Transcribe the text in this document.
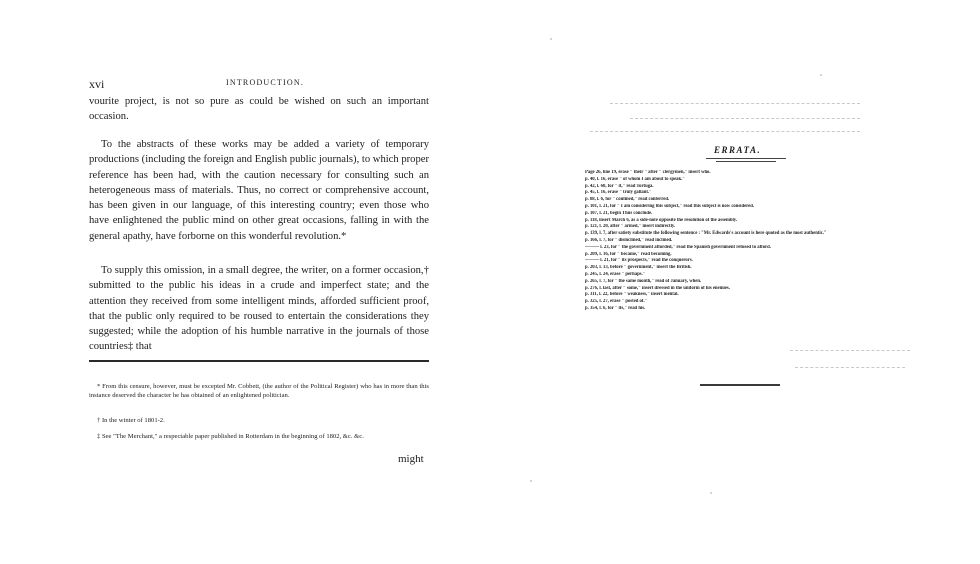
xvi	INTRODUCTION.
vourite project, is not so pure as could be wished on such an important occasion.
To the abstracts of these works may be added a variety of temporary productions (including the foreign and English public journals), to which proper reference has been had, with the caution necessary for consulting such an heterogeneous mass of materials. Thus, no correct or comprehensive account, has been given in our language, of this interesting country; even those who have enlightened the public mind on other great occasions, falling in with the general apathy, have forborne on this wonderful revolution.*
To supply this omission, in a small degree, the writer, on a former occasion,† submitted to the public his ideas in a crude and imperfect state; and the attention they received from some intelligent minds, afforded sufficient proof, that the public only required to be roused to entertain the considerations they suggested; while the adoption of his humble narrative in the journals of those countries‡ that
* From this censure, however, must be excepted Mr. Cobbett, (the author of the Political Register) who has in more than this instance deserved the character he has obtained of an enlightened politician.
† In the winter of 1801-2.
‡ See "The Merchant," a respectable paper published in Rotterdam in the beginning of 1802, &c. &c.
might
ERRATA.
Page 26, line 19, erase " their " after " clergymen," insert who.
p. 40, l. 16, erase " of whom I am about to speak."
p. 42, l. 60, for " it," read Tortuga.
p. 45, l. 16, erase " truly gallant."
p. 88, l. 6, for " confined," read conferred.
p. 101, l. 21, for " I am considering this subject," read this subject is now considered.
p. 107, l. 21, begin Thus conclude.
p. 118, insert March 6, as a side-note opposite the resolution of the assembly.
p. 121, l. 20, after " armed," insert indirectly.
p. 139, l. 7, after satiety substitute the following sentence : "Mr. Edwards's account is here quoted as the most authentic."
p. 166, l. 7, for " disinclined," read inclined.
——— l. 23, for " the government afforded," read the Spanish government refused to afford.
p. 209, l. 16, for " became," read becoming.
——— l. 21, for " its prospects," read the conquerors.
p. 203, l. 13, before " government," insert the British.
p. 245, l. 24, erase " perhaps."
p. 265, l. 7, for " the same month," read of January, when.
p. 276, l. last, after " some," insert dressed in the uniform of his enemies.
p. 311, l. 22, before " weakness," insert mental.
p. 325, l. 27, erase " posted of."
p. 354, l. 6, for " its," read his.
